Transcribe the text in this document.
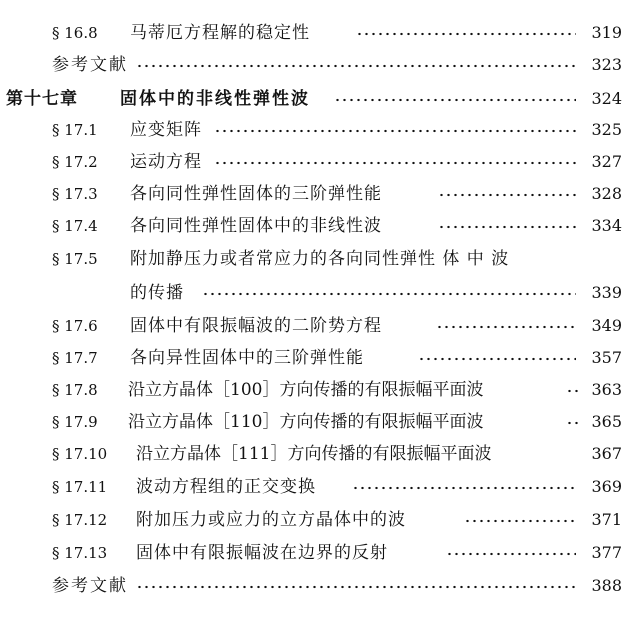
§ 16.8 马蒂厄方程解的稳定性	319
参考文献	323
第十七章 固体中的非线性弹性波	324
§ 17.1 应变矩阵	325
§ 17.2 运动方程	327
§ 17.3 各向同性弹性固体的三阶弹性能	328
§ 17.4 各向同性弹性固体中的非线性波	334
§ 17.5 附加静压力或者常应力的各向同性弹性 体 中 波
的传播	339
§ 17.6 固体中有限振幅波的二阶势方程	349
§ 17.7 各向异性固体中的三阶弹性能	357
§ 17.8 沿立方晶体［100］方向传播的有限振幅平面波	363
§ 17.9 沿立方晶体［110］方向传播的有限振幅平面波	365
§ 17.10 沿立方晶体［111］方向传播的有限振幅平面波	367
§ 17.11 波动方程组的正交变换	369
§ 17.12 附加压力或应力的立方晶体中的波	371
§ 17.13 固体中有限振幅波在边界的反射	377
参考文献	388
